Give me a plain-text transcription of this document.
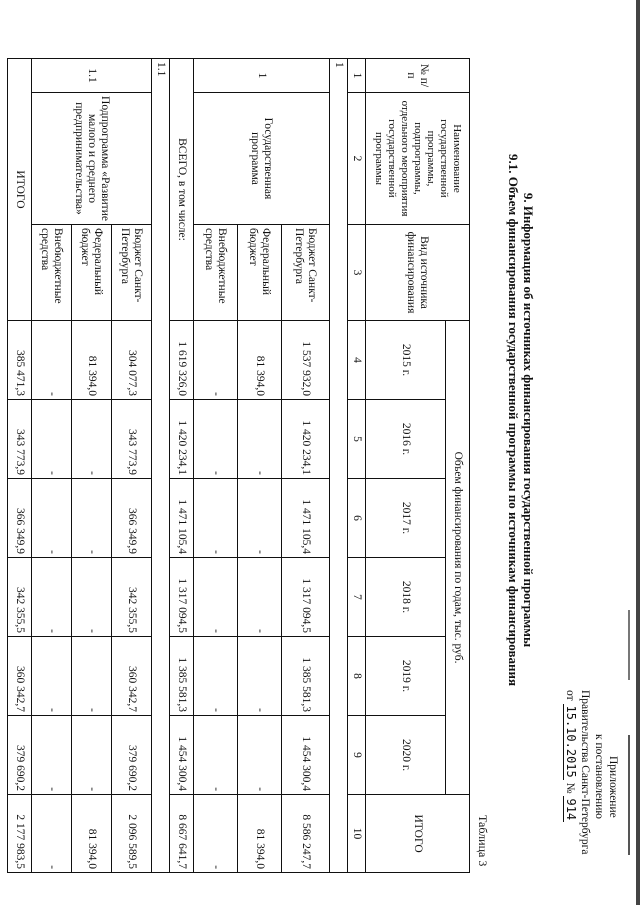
Приложение
к постановлению
Правительства Санкт-Петербурга
от 15.10.2015 № 914
9. Информация об источниках финансирования государственной программы
9.1. Объем финансирования государственной программы по источникам финансирования
Таблица 3
№ п/п	Наименование государственной программы, подпрограммы, отдельного мероприятия государственной программы	Вид источника финансирования	Объем финансирования по годам, тыс. руб.						ИТОГО
			2015 г.	2016 г.	2017 г.	2018 г.	2019 г.	2020 г.	
1	2	3	4	5	6	7	8	9	10
1									
1	Государственная программа	Бюджет Санкт-Петербурга	1 537 932,0	1 420 234,1	1 471 105,4	1 317 094,5	1 385 581,3	1 454 300,4	8 586 247,7
		Федеральный бюджет	81 394,0	-	-	-	-	-	81 394,0
		Внебюджетные средства	-	-	-	-	-	-	-
ВСЕГО, в том числе:			1 619 326,0	1 420 234,1	1 471 105,4	1 317 094,5	1 385 581,3	1 454 300,4	8 667 641,7
1.1									
1.1	Подпрограмма «Развитие малого и среднего предпринимательства»	Бюджет Санкт-Петербурга	304 077,3	343 773,9	366 349,9	342 355,5	360 342,7	379 690,2	2 096 589,5
		Федеральный бюджет	81 394,0	-	-	-	-	-	81 394,0
		Внебюджетные средства	-	-	-	-	-	-	-
ИТОГО			385 471,3	343 773,9	366 349,9	342 355,5	360 342,7	379 690,2	2 177 983,5
